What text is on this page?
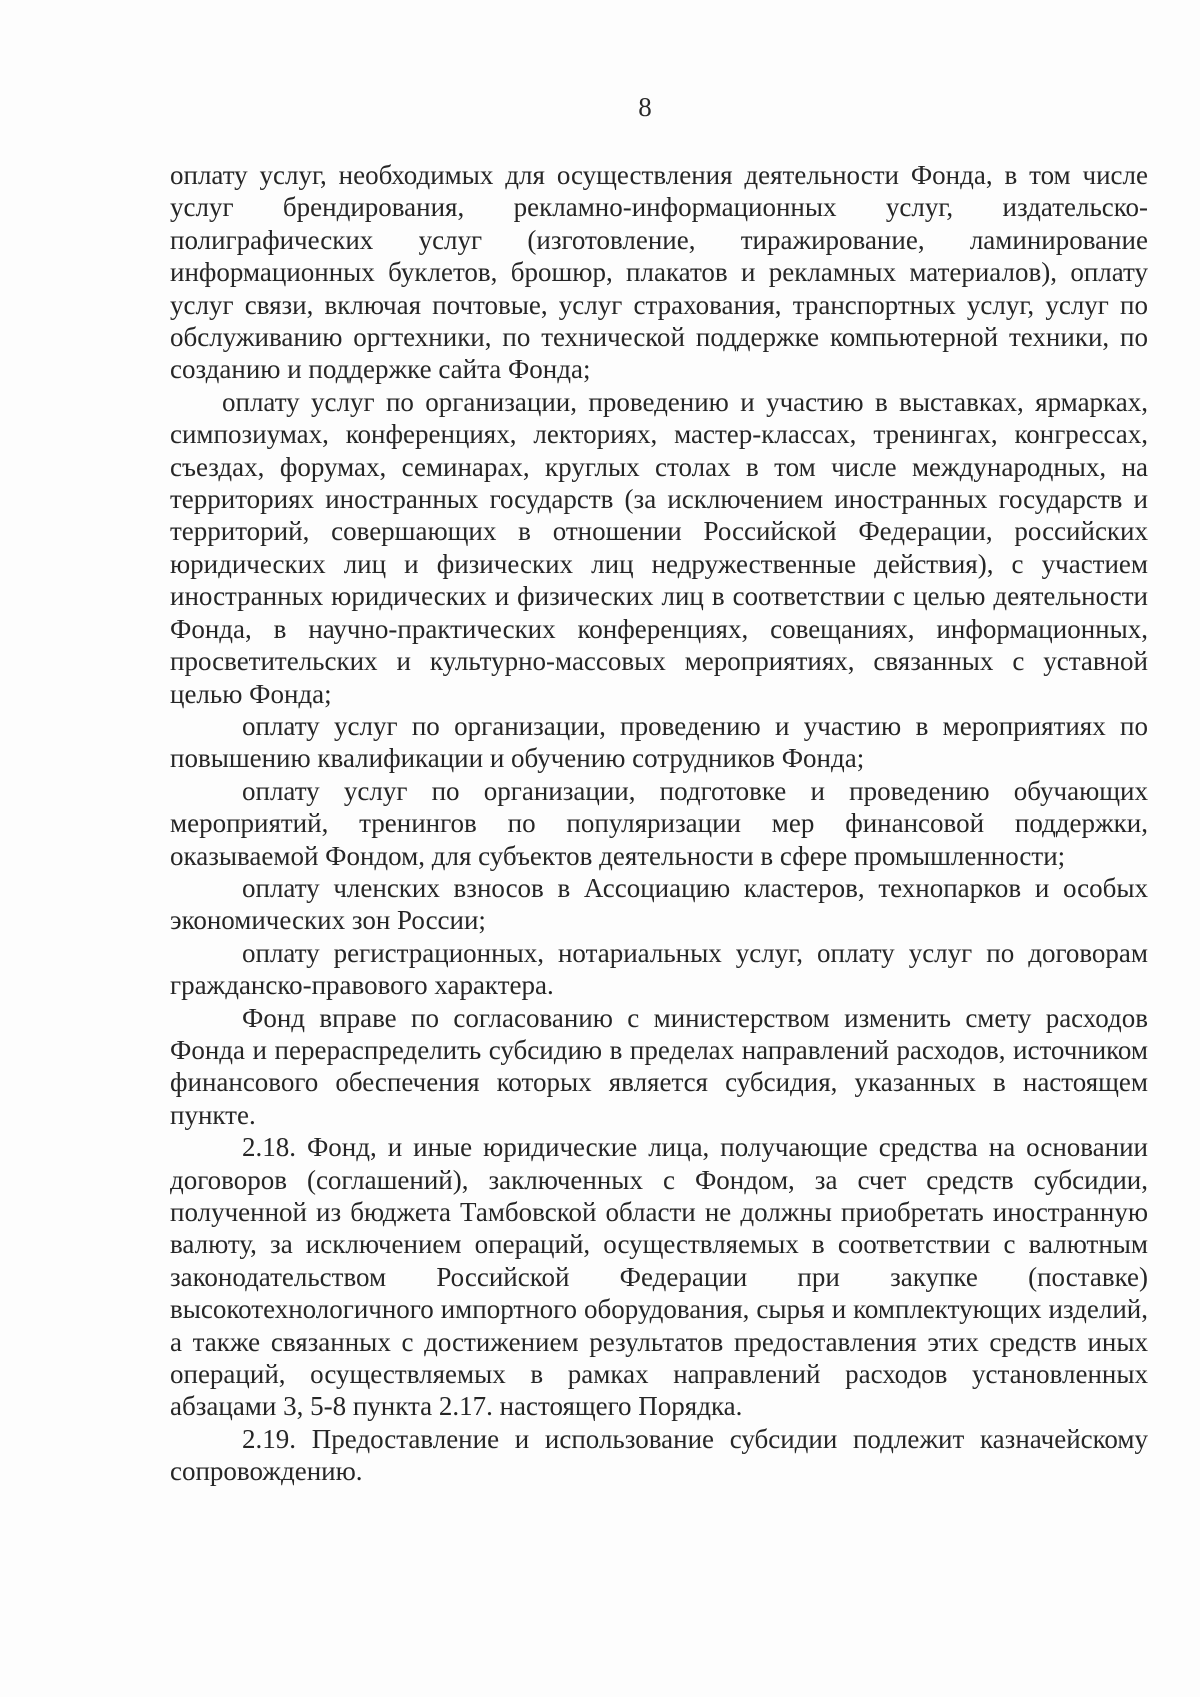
8

оплату услуг, необходимых для осуществления деятельности Фонда, в том числе услуг брендирования, рекламно-информационных услуг, издательско-полиграфических услуг (изготовление, тиражирование, ламинирование информационных буклетов, брошюр, плакатов и рекламных материалов), оплату услуг связи, включая почтовые, услуг страхования, транспортных услуг, услуг по обслуживанию оргтехники, по технической поддержке компьютерной техники, по созданию и поддержке сайта Фонда;

оплату услуг по организации, проведению и участию в выставках, ярмарках, симпозиумах, конференциях, лекториях, мастер-классах, тренингах, конгрессах, съездах, форумах, семинарах, круглых столах в том числе международных, на территориях иностранных государств (за исключением иностранных государств и территорий, совершающих в отношении Российской Федерации, российских юридических лиц и физических лиц недружественные действия), с участием иностранных юридических и физических лиц в соответствии с целью деятельности Фонда, в научно-практических конференциях, совещаниях, информационных, просветительских и культурно-массовых мероприятиях, связанных с уставной целью Фонда;

оплату услуг по организации, проведению и участию в мероприятиях по повышению квалификации и обучению сотрудников Фонда;

оплату услуг по организации, подготовке и проведению обучающих мероприятий, тренингов по популяризации мер финансовой поддержки, оказываемой Фондом, для субъектов деятельности в сфере промышленности;

оплату членских взносов в Ассоциацию кластеров, технопарков и особых экономических зон России;

оплату регистрационных, нотариальных услуг, оплату услуг по договорам гражданско-правового характера.

Фонд вправе по согласованию с министерством изменить смету расходов Фонда и перераспределить субсидию в пределах направлений расходов, источником финансового обеспечения которых является субсидия, указанных в настоящем пункте.

2.18. Фонд, и иные юридические лица, получающие средства на основании договоров (соглашений), заключенных с Фондом, за счет средств субсидии, полученной из бюджета Тамбовской области не должны приобретать иностранную валюту, за исключением операций, осуществляемых в соответствии с валютным законодательством Российской Федерации при закупке (поставке) высокотехнологичного импортного оборудования, сырья и комплектующих изделий, а также связанных с достижением результатов предоставления этих средств иных операций, осуществляемых в рамках направлений расходов установленных абзацами 3, 5-8 пункта 2.17. настоящего Порядка.

2.19. Предоставление и использование субсидии подлежит казначейскому сопровождению.
